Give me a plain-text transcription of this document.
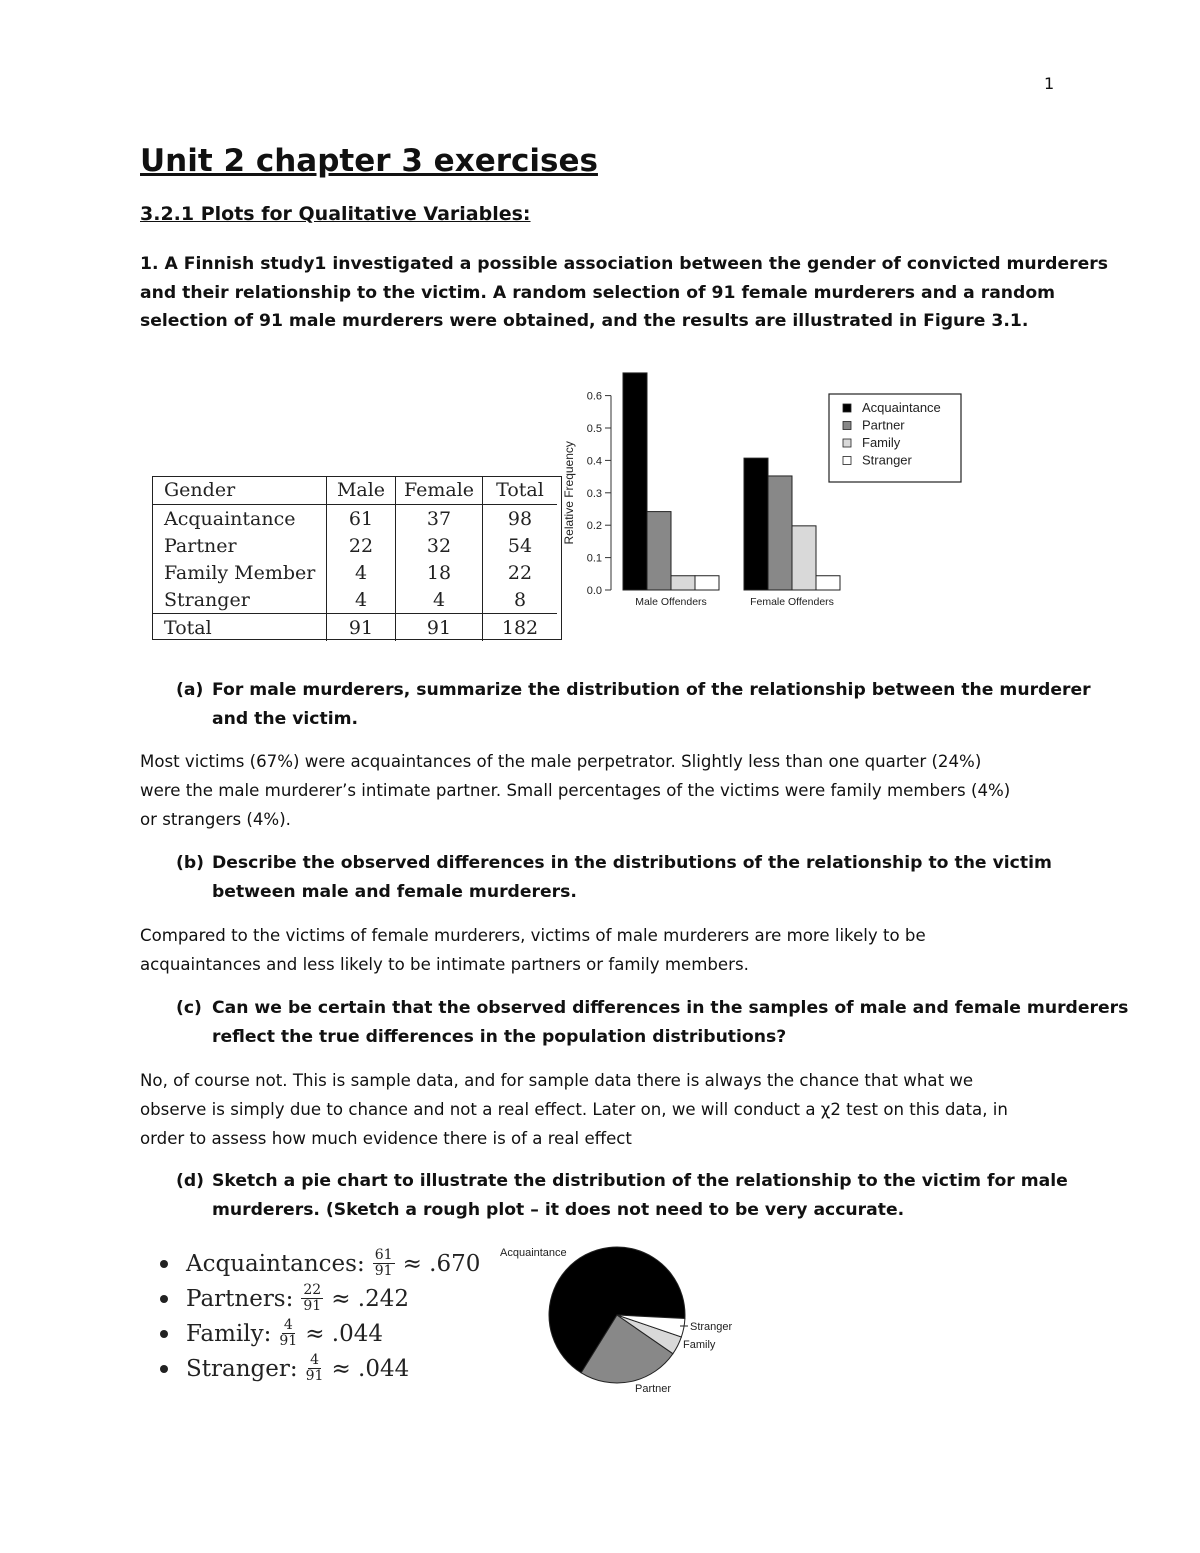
1
Unit 2 chapter 3 exercises
3.2.1 Plots for Qualitative Variables:
1. A Finnish study1 investigated a possible association between the gender of convicted murderers
and their relationship to the victim. A random selection of 91 female murderers and a random
selection of 91 male murderers were obtained, and the results are illustrated in Figure 3.1.
Gender	Male	Female	Total
Acquaintance	61	37	98
Partner	22	32	54
Family Member	4	18	22
Stranger	4	4	8
Total	91	91	182
0.0
0.1
0.2
0.3
0.4
0.5
0.6
Relative Frequency
Male Offenders	Female Offenders
Acquaintance
Partner
Family
Stranger
(a) For male murderers, summarize the distribution of the relationship between the murderer
and the victim.
Most victims (67%) were acquaintances of the male perpetrator. Slightly less than one quarter (24%)
were the male murderer’s intimate partner. Small percentages of the victims were family members (4%)
or strangers (4%).
(b) Describe the observed differences in the distributions of the relationship to the victim
between male and female murderers.
Compared to the victims of female murderers, victims of male murderers are more likely to be
acquaintances and less likely to be intimate partners or family members.
(c) Can we be certain that the observed differences in the samples of male and female murderers
reflect the true differences in the population distributions?
No, of course not. This is sample data, and for sample data there is always the chance that what we
observe is simply due to chance and not a real effect. Later on, we will conduct a χ2 test on this data, in
order to assess how much evidence there is of a real effect
(d) Sketch a pie chart to illustrate the distribution of the relationship to the victim for male
murderers. (Sketch a rough plot – it does not need to be very accurate.
Acquaintances: $\frac{61}{91} \approx .670$
Partners: $\frac{22}{91} \approx .242$
Family: $\frac{4}{91} \approx .044$
Stranger: $\frac{4}{91} \approx .044$
Acquaintance
Stranger
Family
Partner
